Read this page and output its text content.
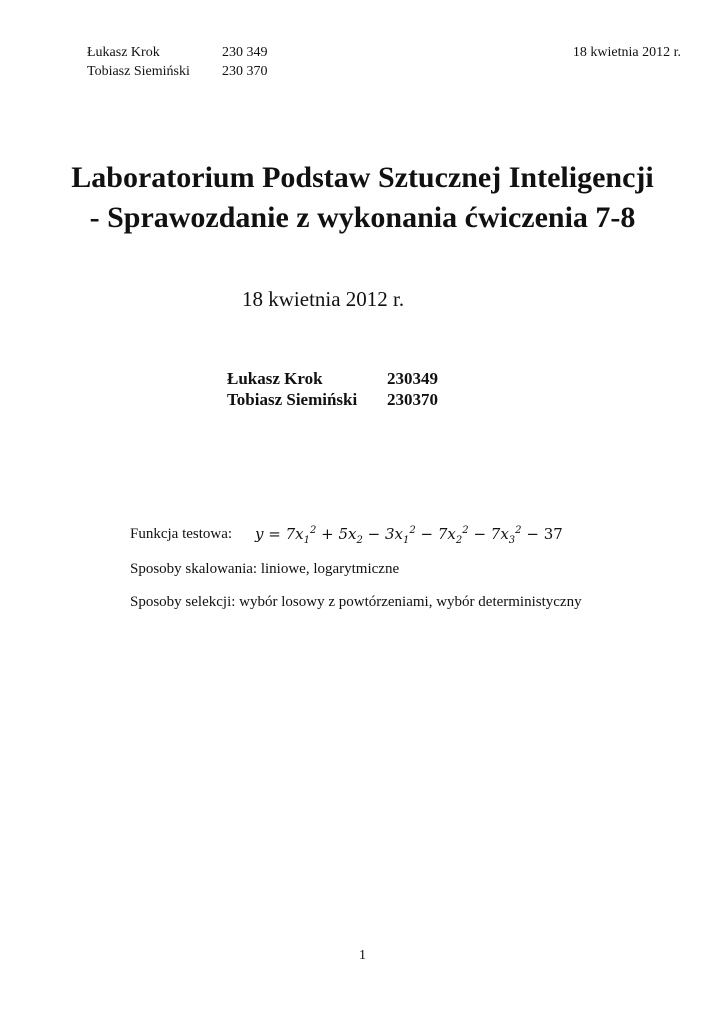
Łukasz Krok	230 349	18 kwietnia 2012 r.
Tobiasz Siemiński 230 370
Laboratorium Podstaw Sztucznej Inteligencji
- Sprawozdanie z wykonania ćwiczenia 7-8
18 kwietnia 2012 r.
Łukasz Krok	230349
Tobiasz Siemiński 230370
Funkcja testowa: $y = 7x_1^2 + 5x_2 - 3x_1^2 - 7x_2^2 - 7x_3^2 - 37$
Sposoby skalowania: liniowe, logarytmiczne
Sposoby selekcji: wybór losowy z powtórzeniami, wybór deterministyczny
1
